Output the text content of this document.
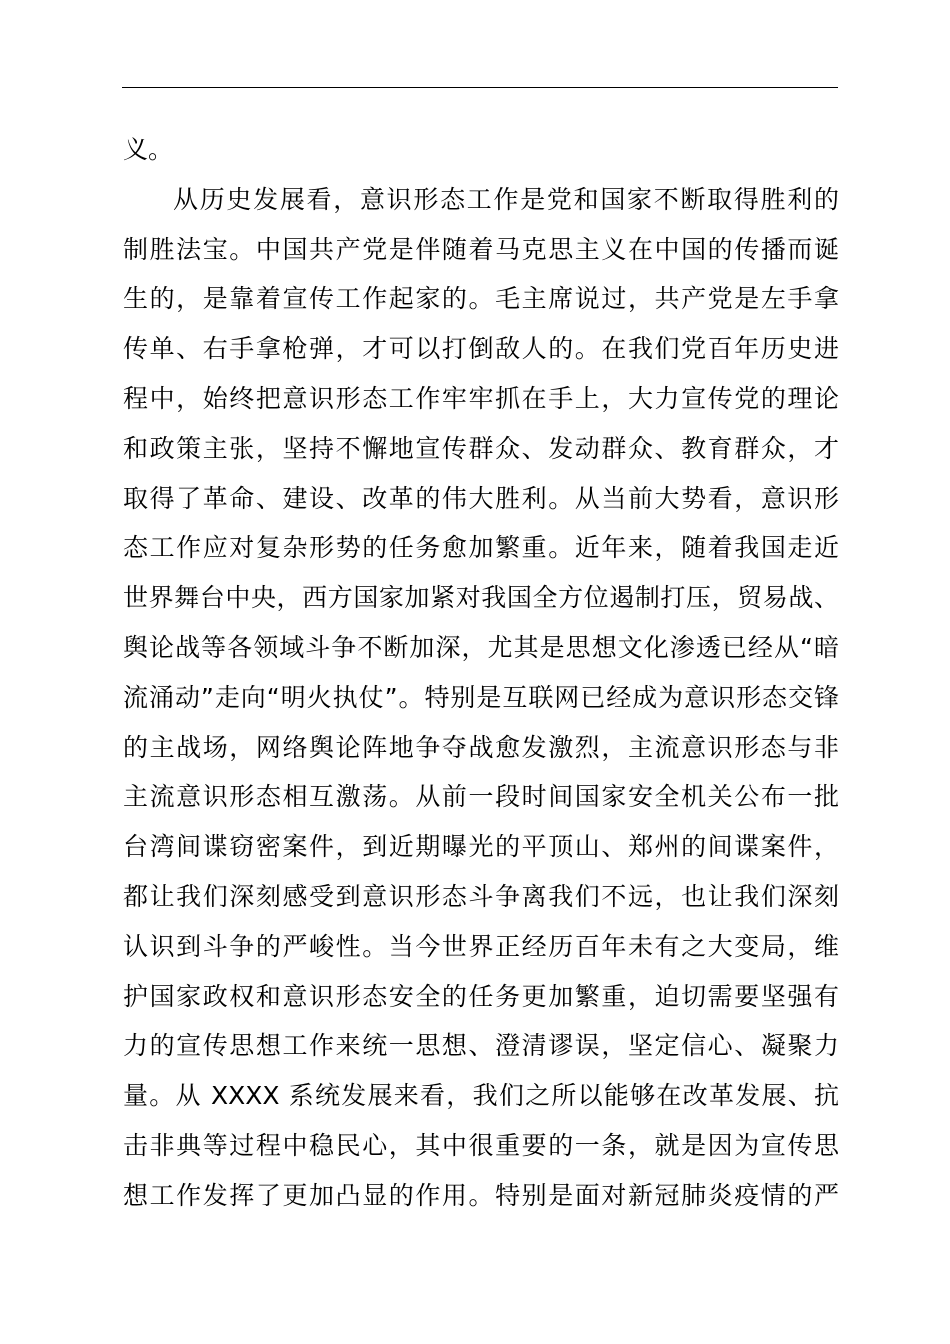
义。
从历史发展看，意识形态工作是党和国家不断取得胜利的
制胜法宝。中国共产党是伴随着马克思主义在中国的传播而诞
生的，是靠着宣传工作起家的。毛主席说过，共产党是左手拿
传单、右手拿枪弹，才可以打倒敌人的。在我们党百年历史进
程中，始终把意识形态工作牢牢抓在手上，大力宣传党的理论
和政策主张，坚持不懈地宣传群众、发动群众、教育群众，才
取得了革命、建设、改革的伟大胜利。从当前大势看，意识形
态工作应对复杂形势的任务愈加繁重。近年来，随着我国走近
世界舞台中央，西方国家加紧对我国全方位遏制打压，贸易战、
舆论战等各领域斗争不断加深，尤其是思想文化渗透已经从“暗
流涌动”走向“明火执仗”。特别是互联网已经成为意识形态交锋
的主战场，网络舆论阵地争夺战愈发激烈，主流意识形态与非
主流意识形态相互激荡。从前一段时间国家安全机关公布一批
台湾间谍窃密案件，到近期曝光的平顶山、郑州的间谍案件，
都让我们深刻感受到意识形态斗争离我们不远，也让我们深刻
认识到斗争的严峻性。当今世界正经历百年未有之大变局，维
护国家政权和意识形态安全的任务更加繁重，迫切需要坚强有
力的宣传思想工作来统一思想、澄清谬误，坚定信心、凝聚力
量。从 XXXX 系统发展来看，我们之所以能够在改革发展、抗
击非典等过程中稳民心，其中很重要的一条，就是因为宣传思
想工作发挥了更加凸显的作用。特别是面对新冠肺炎疫情的严
